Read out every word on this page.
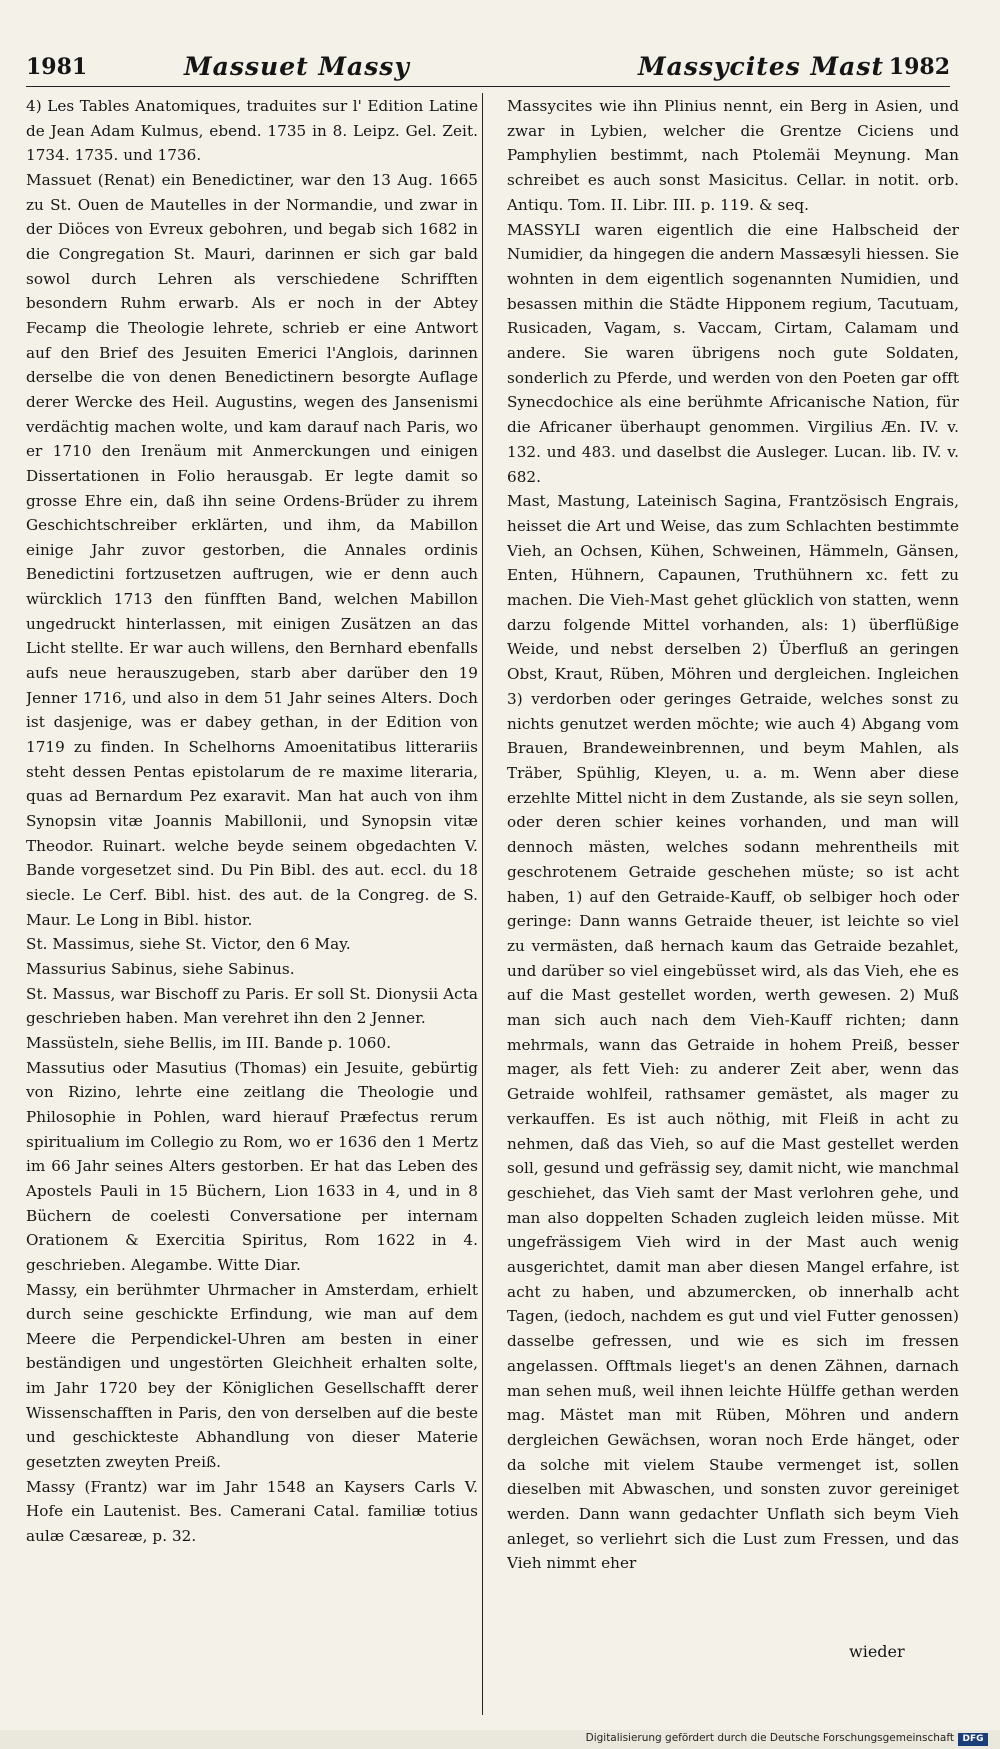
1981	Massuet Massy	Massycites Mast 1982

4) Les Tables Anatomiques, traduites sur l' Edition Latine de Jean Adam Kulmus, ebend. 1735 in 8. Leipz. Gel. Zeit. 1734. 1735. und 1736.

Massuet (Renat) ein Benedictiner, war den 13 Aug. 1665 zu St. Ouen de Mautelles in der Normandie, und zwar in der Diöces von Evreux gebohren, und begab sich 1682 in die Congregation St. Mauri, darinnen er sich gar bald sowol durch Lehren als verschiedene Schrifften besondern Ruhm erwarb. Als er noch in der Abtey Fecamp die Theologie lehrete, schrieb er eine Antwort auf den Brief des Jesuiten Emerici l'Anglois, darinnen derselbe die von denen Benedictinern besorgte Auflage derer Wercke des Heil. Augustins, wegen des Jansenismi verdächtig machen wolte, und kam darauf nach Paris, wo er 1710 den Irenäum mit Anmerckungen und einigen Dissertationen in Folio herausgab. Er legte damit so grosse Ehre ein, daß ihn seine Ordens-Brüder zu ihrem Geschichtschreiber erklärten, und ihm, da Mabillon einige Jahr zuvor gestorben, die Annales ordinis Benedictini fortzusetzen auftrugen, wie er denn auch würcklich 1713 den fünfften Band, welchen Mabillon ungedruckt hinterlassen, mit einigen Zusätzen an das Licht stellte. Er war auch willens, den Bernhard ebenfalls aufs neue herauszugeben, starb aber darüber den 19 Jenner 1716, und also in dem 51 Jahr seines Alters. Doch ist dasjenige, was er dabey gethan, in der Edition von 1719 zu finden. In Schelhorns Amoenitatibus litterariis steht dessen Pentas epistolarum de re maxime literaria, quas ad Bernardum Pez exaravit. Man hat auch von ihm Synopsin vitæ Joannis Mabillonii, und Synopsin vitæ Theodor. Ruinart. welche beyde seinem obgedachten V. Bande vorgesetzet sind. Du Pin Bibl. des aut. eccl. du 18 siecle. Le Cerf. Bibl. hist. des aut. de la Congreg. de S. Maur. Le Long in Bibl. histor.

St. Massimus, siehe St. Victor, den 6 May.

Massurius Sabinus, siehe Sabinus.

St. Massus, war Bischoff zu Paris. Er soll St. Dionysii Acta geschrieben haben. Man verehret ihn den 2 Jenner.

Massüsteln, siehe Bellis, im III. Bande p. 1060.

Massutius oder Masutius (Thomas) ein Jesuite, gebürtig von Rizino, lehrte eine zeitlang die Theologie und Philosophie in Pohlen, ward hierauf Præfectus rerum spiritualium im Collegio zu Rom, wo er 1636 den 1 Mertz im 66 Jahr seines Alters gestorben. Er hat das Leben des Apostels Pauli in 15 Büchern, Lion 1633 in 4, und in 8 Büchern de coelesti Conversatione per internam Orationem & Exercitia Spiritus, Rom 1622 in 4. geschrieben. Alegambe. Witte Diar.

Massy, ein berühmter Uhrmacher in Amsterdam, erhielt durch seine geschickte Erfindung, wie man auf dem Meere die Perpendickel-Uhren am besten in einer beständigen und ungestörten Gleichheit erhalten solte, im Jahr 1720 bey der Königlichen Gesellschafft derer Wissenschafften in Paris, den von derselben auf die beste und geschickteste Abhandlung von dieser Materie gesetzten zweyten Preiß.

Massy (Frantz) war im Jahr 1548 an Kaysers Carls V. Hofe ein Lautenist. Bes. Camerani Catal. familiæ totius aulæ Cæsareæ, p. 32.

Massycites wie ihn Plinius nennt, ein Berg in Asien, und zwar in Lybien, welcher die Grentze Ciciens und Pamphylien bestimmt, nach Ptolemäi Meynung. Man schreibet es auch sonst Masicitus. Cellar. in notit. orb. Antiqu. Tom. II. Libr. III. p. 119. & seq.

MASSYLI waren eigentlich die eine Halbscheid der Numidier, da hingegen die andern Massæsyli hiessen. Sie wohnten in dem eigentlich sogenannten Numidien, und besassen mithin die Städte Hipponem regium, Tacutuam, Rusicaden, Vagam, s. Vaccam, Cirtam, Calamam und andere. Sie waren übrigens noch gute Soldaten, sonderlich zu Pferde, und werden von den Poeten gar offt Synecdochice als eine berühmte Africanische Nation, für die Africaner überhaupt genommen. Virgilius Æn. IV. v. 132. und 483. und daselbst die Ausleger. Lucan. lib. IV. v. 682.

Mast, Mastung, Lateinisch Sagina, Frantzösisch Engrais, heisset die Art und Weise, das zum Schlachten bestimmte Vieh, an Ochsen, Kühen, Schweinen, Hämmeln, Gänsen, Enten, Hühnern, Capaunen, Truthühnern xc. fett zu machen. Die Vieh-Mast gehet glücklich von statten, wenn darzu folgende Mittel vorhanden, als: 1) überflüßige Weide, und nebst derselben 2) Überfluß an geringen Obst, Kraut, Rüben, Möhren und dergleichen. Ingleichen 3) verdorben oder geringes Getraide, welches sonst zu nichts genutzet werden möchte; wie auch 4) Abgang vom Brauen, Brandeweinbrennen, und beym Mahlen, als Träber, Spühlig, Kleyen, u. a. m. Wenn aber diese erzehlte Mittel nicht in dem Zustande, als sie seyn sollen, oder deren schier keines vorhanden, und man will dennoch mästen, welches sodann mehrentheils mit geschrotenem Getraide geschehen müste; so ist acht haben, 1) auf den Getraide-Kauff, ob selbiger hoch oder geringe: Dann wanns Getraide theuer, ist leichte so viel zu vermästen, daß hernach kaum das Getraide bezahlet, und darüber so viel eingebüsset wird, als das Vieh, ehe es auf die Mast gestellet worden, werth gewesen. 2) Muß man sich auch nach dem Vieh-Kauff richten; dann mehrmals, wann das Getraide in hohem Preiß, besser mager, als fett Vieh: zu anderer Zeit aber, wenn das Getraide wohlfeil, rathsamer gemästet, als mager zu verkauffen. Es ist auch nöthig, mit Fleiß in acht zu nehmen, daß das Vieh, so auf die Mast gestellet werden soll, gesund und gefrässig sey, damit nicht, wie manchmal geschiehet, das Vieh samt der Mast verlohren gehe, und man also doppelten Schaden zugleich leiden müsse. Mit ungefrässigem Vieh wird in der Mast auch wenig ausgerichtet, damit man aber diesen Mangel erfahre, ist acht zu haben, und abzumercken, ob innerhalb acht Tagen, (iedoch, nachdem es gut und viel Futter genossen) dasselbe gefressen, und wie es sich im fressen angelassen. Offtmals lieget's an denen Zähnen, darnach man sehen muß, weil ihnen leichte Hülffe gethan werden mag. Mästet man mit Rüben, Möhren und andern dergleichen Gewächsen, woran noch Erde hänget, oder da solche mit vielem Staube vermenget ist, sollen dieselben mit Abwaschen, und sonsten zuvor gereiniget werden. Dann wann gedachter Unflath sich beym Vieh anleget, so verliehrt sich die Lust zum Fressen, und das Vieh nimmt eher

wieder
Digitalisierung gefördert durch die Deutsche Forschungsgemeinschaft DFG
